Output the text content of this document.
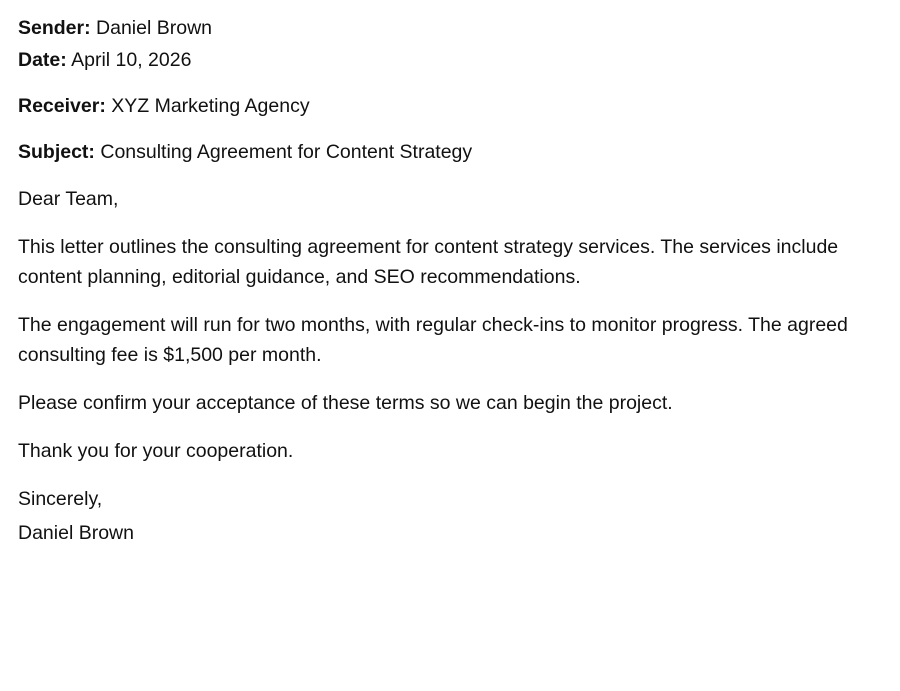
Sender: Daniel Brown
Date: April 10, 2026
Receiver: XYZ Marketing Agency
Subject: Consulting Agreement for Content Strategy

Dear Team,

This letter outlines the consulting agreement for content strategy services. The services include content planning, editorial guidance, and SEO recommendations.

The engagement will run for two months, with regular check-ins to monitor progress. The agreed consulting fee is $1,500 per month.

Please confirm your acceptance of these terms so we can begin the project.

Thank you for your cooperation.

Sincerely,

Daniel Brown
